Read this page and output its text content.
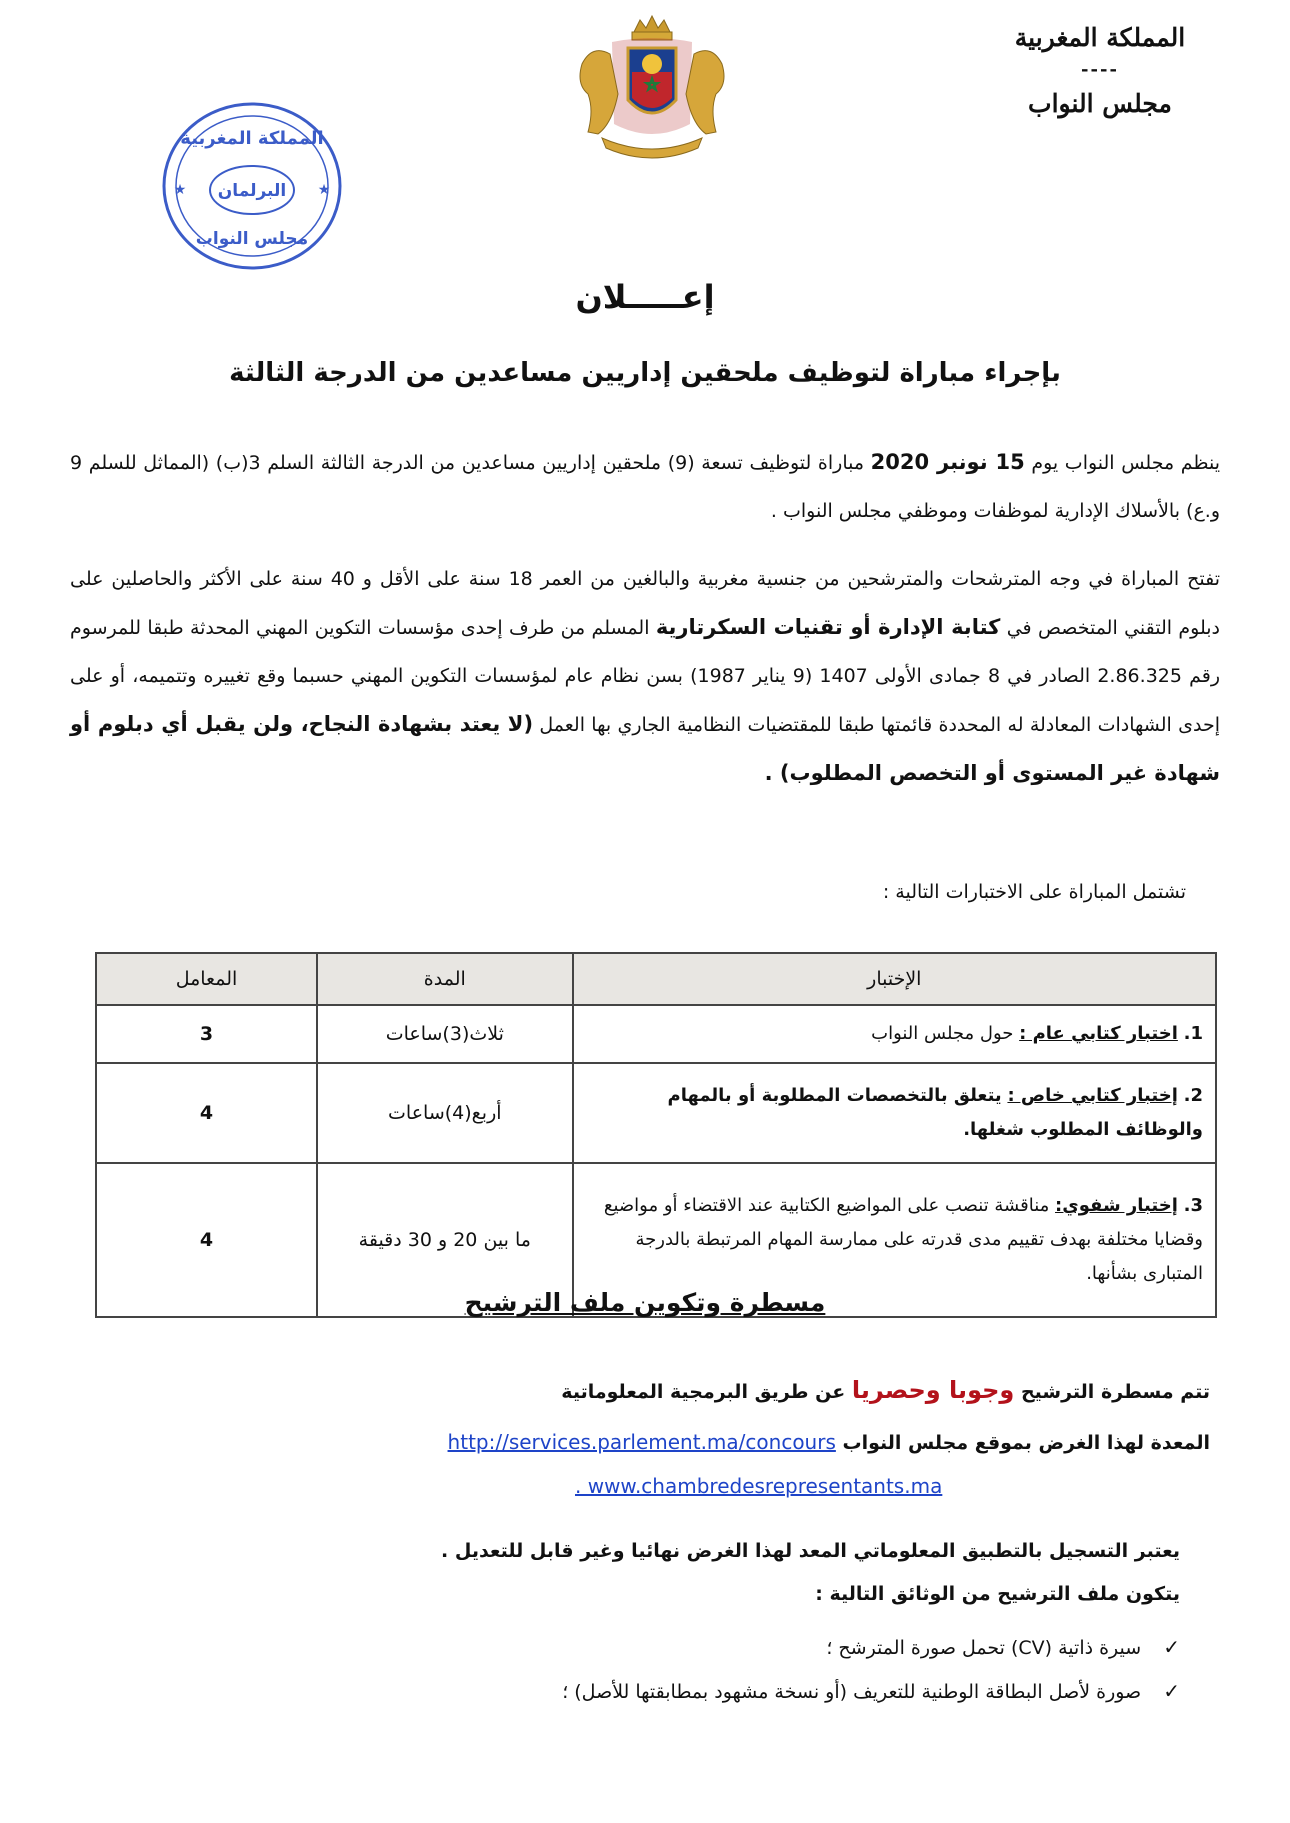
المملكة المغربية
----
مجلس النواب
المملكة المغربية
البرلمان
مجلس النواب
★	★
إعـــــلان
بإجراء مباراة لتوظيف ملحقين إداريين مساعدين من الدرجة الثالثة
ينظم مجلس النواب يوم 15 نونبر 2020 مباراة لتوظيف تسعة (9) ملحقين إداريين مساعدين من الدرجة الثالثة السلم 3(ب) (المماثل للسلم 9 و.ع) بالأسلاك الإدارية لموظفات وموظفي مجلس النواب .
تفتح المباراة في وجه المترشحات والمترشحين من جنسية مغربية والبالغين من العمر 18 سنة على الأقل و 40 سنة على الأكثر والحاصلين على دبلوم التقني المتخصص في كتابة الإدارة أو تقنيات السكرتارية المسلم من طرف إحدى مؤسسات التكوين المهني المحدثة طبقا للمرسوم رقم 2.86.325 الصادر في 8 جمادى الأولى 1407 (9 يناير 1987) بسن نظام عام لمؤسسات التكوين المهني حسبما وقع تغييره وتتميمه، أو على إحدى الشهادات المعادلة له المحددة قائمتها طبقا للمقتضيات النظامية الجاري بها العمل (لا يعتد بشهادة النجاح، ولن يقبل أي دبلوم أو شهادة غير المستوى أو التخصص المطلوب) .
تشتمل المباراة على الاختبارات التالية :
الإختبار	المدة	المعامل
1. اختبار كتابي عام : حول مجلس النواب	ثلاث(3)ساعات	3
2. إختبار كتابي خاص : يتعلق بالتخصصات المطلوبة أو بالمهام والوظائف المطلوب شغلها.	أربع(4)ساعات	4
3. إختبار شفوي: مناقشة تنصب على المواضيع الكتابية عند الاقتضاء أو مواضيع وقضايا مختلفة بهدف تقييم مدى قدرته على ممارسة المهام المرتبطة بالدرجة المتبارى بشأنها.	ما بين 20 و 30 دقيقة	4
مسطرة وتكوين ملف الترشيح
تتم مسطرة الترشيح وجوبا وحصريا عن طريق البرمجية المعلوماتية
المعدة لهذا الغرض بموقع مجلس النواب http://services.parlement.ma/concours
. www.chambredesrepresentants.ma
يعتبر التسجيل بالتطبيق المعلوماتي المعد لهذا الغرض نهائيا وغير قابل للتعديل .
يتكون ملف الترشيح من الوثائق التالية :
✓ سيرة ذاتية (CV) تحمل صورة المترشح ؛
✓ صورة لأصل البطاقة الوطنية للتعريف (أو نسخة مشهود بمطابقتها للأصل) ؛
